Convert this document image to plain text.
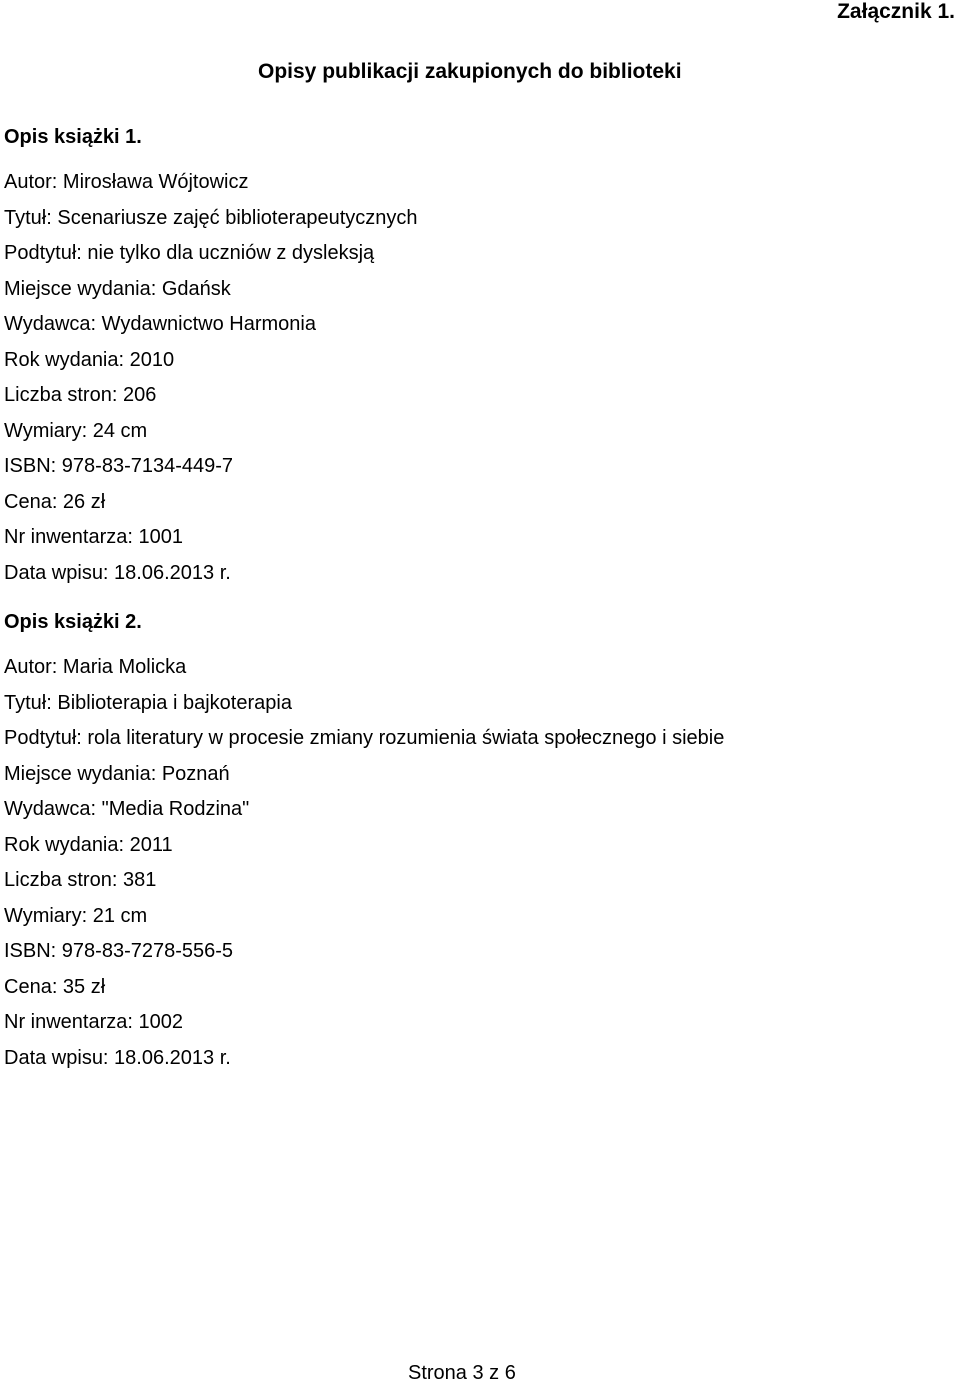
Załącznik 1.
Opisy publikacji zakupionych do biblioteki
Opis książki 1.
Autor: Mirosława Wójtowicz
Tytuł: Scenariusze zajęć biblioterapeutycznych
Podtytuł: nie tylko dla uczniów z dysleksją
Miejsce wydania: Gdańsk
Wydawca: Wydawnictwo Harmonia
Rok wydania: 2010
Liczba stron: 206
Wymiary: 24 cm
ISBN: 978-83-7134-449-7
Cena: 26 zł
Nr inwentarza: 1001
Data wpisu: 18.06.2013 r.
Opis książki 2.
Autor: Maria Molicka
Tytuł: Biblioterapia i bajkoterapia
Podtytuł: rola literatury w procesie zmiany rozumienia świata społecznego i siebie
Miejsce wydania: Poznań
Wydawca: "Media Rodzina"
Rok wydania: 2011
Liczba stron: 381
Wymiary: 21 cm
ISBN: 978-83-7278-556-5
Cena: 35 zł
Nr inwentarza: 1002
Data wpisu: 18.06.2013 r.
Strona 3 z 6
